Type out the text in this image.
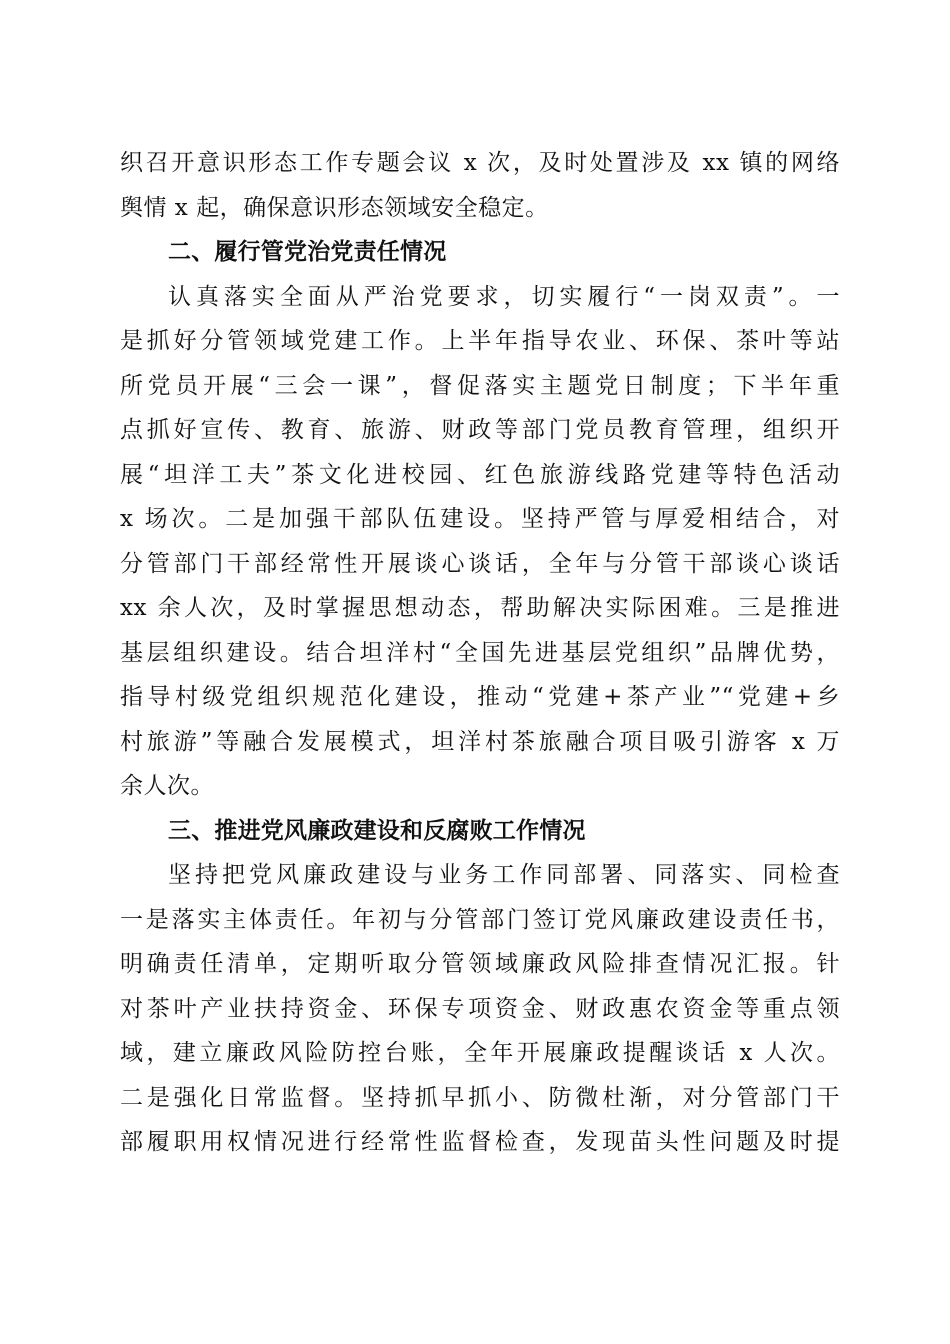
织召开意识形态工作专题会议 x 次，及时处置涉及 xx 镇的网络
舆情 x 起，确保意识形态领域安全稳定。
二、履行管党治党责任情况
认真落实全面从严治党要求，切实履行“一岗双责”。一
是抓好分管领域党建工作。上半年指导农业、环保、茶叶等站
所党员开展“三会一课”，督促落实主题党日制度；下半年重
点抓好宣传、教育、旅游、财政等部门党员教育管理，组织开
展“坦洋工夫”茶文化进校园、红色旅游线路党建等特色活动
x 场次。二是加强干部队伍建设。坚持严管与厚爱相结合，对
分管部门干部经常性开展谈心谈话，全年与分管干部谈心谈话
xx 余人次，及时掌握思想动态，帮助解决实际困难。三是推进
基层组织建设。结合坦洋村“全国先进基层党组织”品牌优势，
指导村级党组织规范化建设，推动“党建+茶产业”“党建+乡
村旅游”等融合发展模式，坦洋村茶旅融合项目吸引游客 x 万
余人次。
三、推进党风廉政建设和反腐败工作情况
坚持把党风廉政建设与业务工作同部署、同落实、同检查
一是落实主体责任。年初与分管部门签订党风廉政建设责任书，
明确责任清单，定期听取分管领域廉政风险排查情况汇报。针
对茶叶产业扶持资金、环保专项资金、财政惠农资金等重点领
域，建立廉政风险防控台账，全年开展廉政提醒谈话 x 人次。
二是强化日常监督。坚持抓早抓小、防微杜渐，对分管部门干
部履职用权情况进行经常性监督检查，发现苗头性问题及时提
